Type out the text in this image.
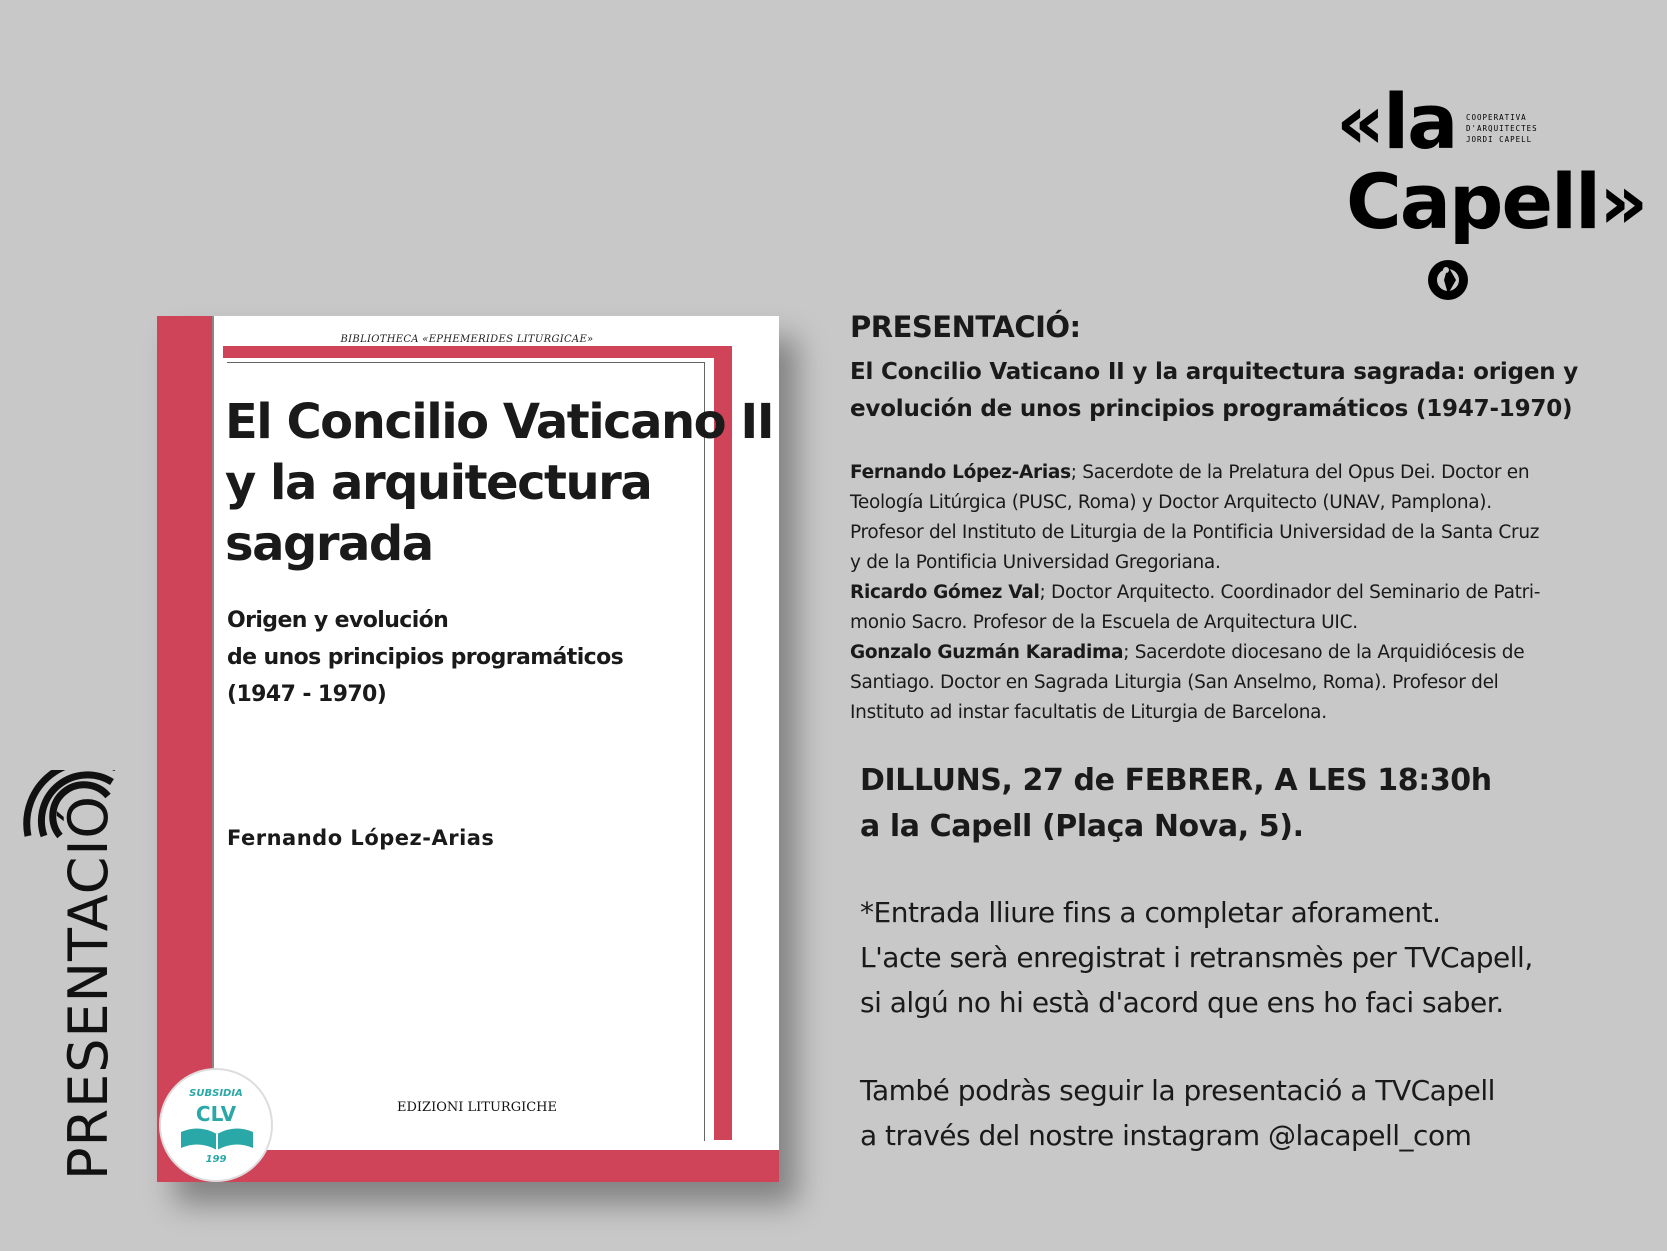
«la COOPERATIVA
D'ARQUITECTES
JORDI CAPELL
Capell»
PRESENTACIÓ
BIBLIOTHECA «EPHEMERIDES LITURGICAE»
El Concilio Vaticano II
y la arquitectura
sagrada
Origen y evolución
de unos principios programáticos
(1947 - 1970)
Fernando López-Arias
EDIZIONI LITURGICHE
SUBSIDIA
CLV
199
PRESENTACIÓ:
El Concilio Vaticano II y la arquitectura sagrada: origen y
evolución de unos principios programáticos (1947-1970)
Fernando López-Arias; Sacerdote de la Prelatura del Opus Dei. Doctor en
Teología Litúrgica (PUSC, Roma) y Doctor Arquitecto (UNAV, Pamplona).
Profesor del Instituto de Liturgia de la Pontificia Universidad de la Santa Cruz
y de la Pontificia Universidad Gregoriana.
Ricardo Gómez Val; Doctor Arquitecto. Coordinador del Seminario de Patri-
monio Sacro. Profesor de la Escuela de Arquitectura UIC.
Gonzalo Guzmán Karadima; Sacerdote diocesano de la Arquidiócesis de
Santiago. Doctor en Sagrada Liturgia (San Anselmo, Roma). Profesor del
Instituto ad instar facultatis de Liturgia de Barcelona.
DILLUNS, 27 de FEBRER, A LES 18:30h
a la Capell (Plaça Nova, 5).
*Entrada lliure fins a completar aforament.
L'acte serà enregistrat i retransmès per TVCapell,
si algú no hi està d'acord que ens ho faci saber.
També podràs seguir la presentació a TVCapell
a través del nostre instagram @lacapell_com
